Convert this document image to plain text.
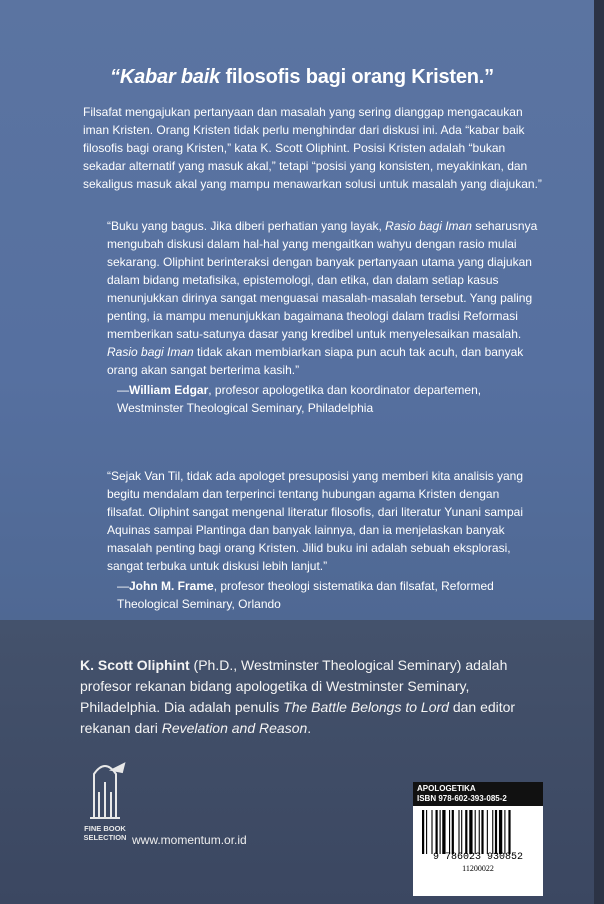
“Kabar baik filosofis bagi orang Kristen.”
Filsafat mengajukan pertanyaan dan masalah yang sering dianggap mengacaukan iman Kristen. Orang Kristen tidak perlu menghindar dari diskusi ini. Ada “kabar baik filosofis bagi orang Kristen,” kata K. Scott Oliphint. Posisi Kristen adalah “bukan sekadar alternatif yang masuk akal,” tetapi “posisi yang konsisten, meyakinkan, dan sekaligus masuk akal yang mampu menawarkan solusi untuk masalah yang diajukan.”
“Buku yang bagus. Jika diberi perhatian yang layak, Rasio bagi Iman seharusnya mengubah diskusi dalam hal-hal yang mengaitkan wahyu dengan rasio mulai sekarang. Oliphint berinteraksi dengan banyak pertanyaan utama yang diajukan dalam bidang metafisika, epistemologi, dan etika, dan dalam setiap kasus menunjukkan dirinya sangat menguasai masalah-masalah tersebut. Yang paling penting, ia mampu menunjukkan bagaimana theologi dalam tradisi Reformasi memberikan satu-satunya dasar yang kredibel untuk menyelesaikan masalah. Rasio bagi Iman tidak akan membiarkan siapa pun acuh tak acuh, dan banyak orang akan sangat berterima kasih.”
—William Edgar, profesor apologetika dan koordinator departemen, Westminster Theological Seminary, Philadelphia
“Sejak Van Til, tidak ada apologet presuposisi yang memberi kita analisis yang begitu mendalam dan terperinci tentang hubungan agama Kristen dengan filsafat. Oliphint sangat mengenal literatur filosofis, dari literatur Yunani sampai Aquinas sampai Plantinga dan banyak lainnya, dan ia menjelaskan banyak masalah penting bagi orang Kristen. Jilid buku ini adalah sebuah eksplorasi, sangat terbuka untuk diskusi lebih lanjut.”
—John M. Frame, profesor theologi sistematika dan filsafat, Reformed Theological Seminary, Orlando
K. Scott Oliphint (Ph.D., Westminster Theological Seminary) adalah profesor rekanan bidang apologetika di Westminster Seminary, Philadelphia. Dia adalah penulis The Battle Belongs to Lord dan editor rekanan dari Revelation and Reason.
FINE BOOK
SELECTION www.momentum.or.id
APOLOGETIKA
ISBN 978-602-393-085-2
9 786023 930852
11200022
